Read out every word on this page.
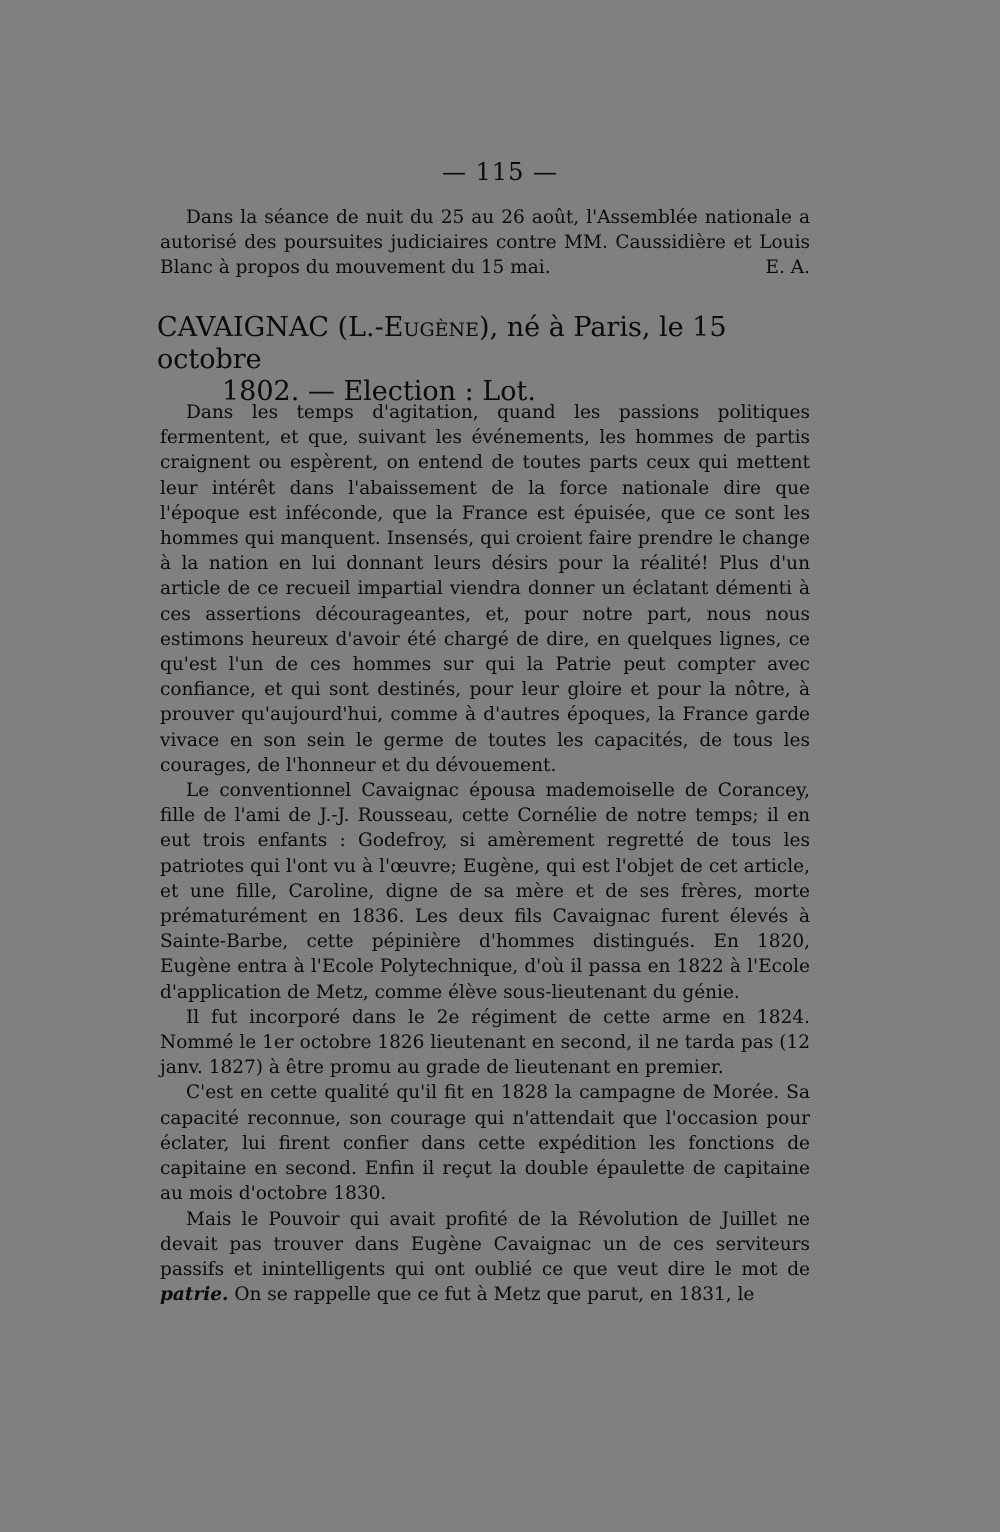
— 115 —

Dans la séance de nuit du 25 au 26 août, l'Assemblée nationale a autorisé des poursuites judiciaires contre MM. Caussidière et Louis Blanc à propos du mouvement du 15 mai.	E. A.

CAVAIGNAC (L.-Eugène), né à Paris, le 15 octobre
1802. — Election : Lot.

Dans les temps d'agitation, quand les passions politiques fermentent, et que, suivant les événements, les hommes de partis craignent ou espèrent, on entend de toutes parts ceux qui mettent leur intérêt dans l'abaissement de la force nationale dire que l'époque est inféconde, que la France est épuisée, que ce sont les hommes qui manquent. Insensés, qui croient faire prendre le change à la nation en lui donnant leurs désirs pour la réalité! Plus d'un article de ce recueil impartial viendra donner un éclatant démenti à ces assertions décourageantes, et, pour notre part, nous nous estimons heureux d'avoir été chargé de dire, en quelques lignes, ce qu'est l'un de ces hommes sur qui la Patrie peut compter avec confiance, et qui sont destinés, pour leur gloire et pour la nôtre, à prouver qu'aujourd'hui, comme à d'autres époques, la France garde vivace en son sein le germe de toutes les capacités, de tous les courages, de l'honneur et du dévouement.

Le conventionnel Cavaignac épousa mademoiselle de Corancey, fille de l'ami de J.-J. Rousseau, cette Cornélie de notre temps; il en eut trois enfants : Godefroy, si amèrement regretté de tous les patriotes qui l'ont vu à l'œuvre; Eugène, qui est l'objet de cet article, et une fille, Caroline, digne de sa mère et de ses frères, morte prématurément en 1836. Les deux fils Cavaignac furent élevés à Sainte-Barbe, cette pépinière d'hommes distingués. En 1820, Eugène entra à l'Ecole Polytechnique, d'où il passa en 1822 à l'Ecole d'application de Metz, comme élève sous-lieutenant du génie.

Il fut incorporé dans le 2e régiment de cette arme en 1824. Nommé le 1er octobre 1826 lieutenant en second, il ne tarda pas (12 janv. 1827) à être promu au grade de lieutenant en premier.

C'est en cette qualité qu'il fit en 1828 la campagne de Morée. Sa capacité reconnue, son courage qui n'attendait que l'occasion pour éclater, lui firent confier dans cette expédition les fonctions de capitaine en second. Enfin il reçut la double épaulette de capitaine au mois d'octobre 1830.

Mais le Pouvoir qui avait profité de la Révolution de Juillet ne devait pas trouver dans Eugène Cavaignac un de ces serviteurs passifs et inintelligents qui ont oublié ce que veut dire le mot de patrie. On se rappelle que ce fut à Metz que parut, en 1831, le
